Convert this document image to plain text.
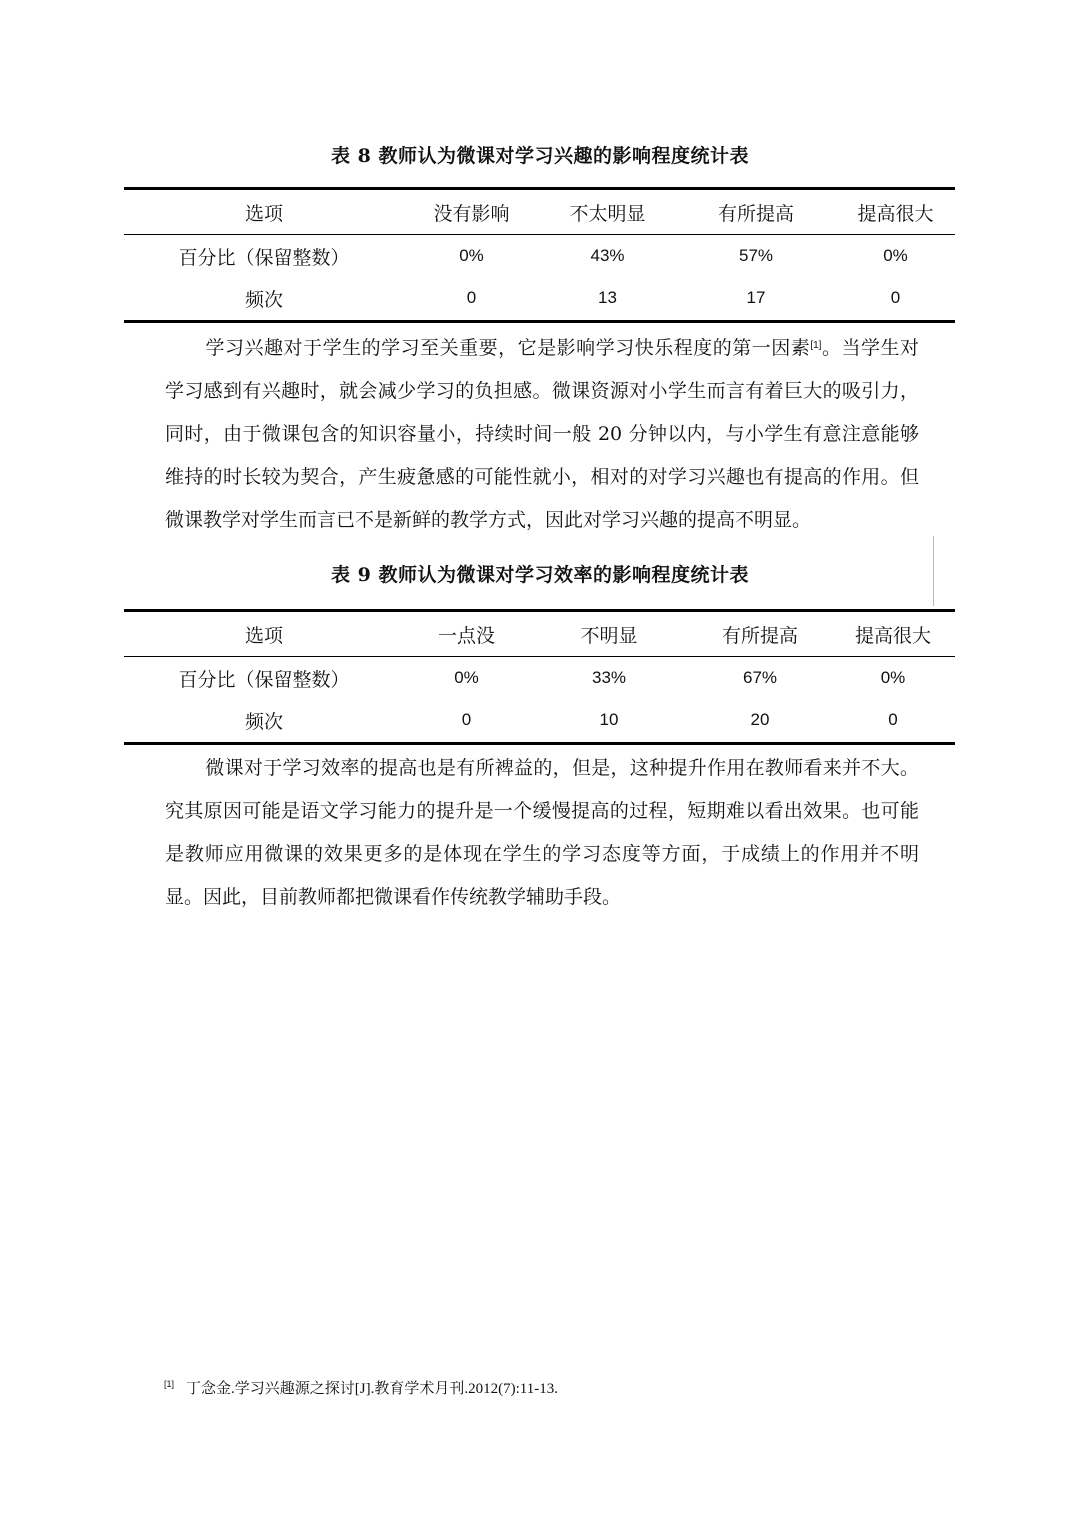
表 8 教师认为微课对学习兴趣的影响程度统计表
选项	没有影响	不太明显	有所提高	提高很大
百分比（保留整数）	0%	43%	57%	0%
频次	0	13	17	0

学习兴趣对于学生的学习至关重要，它是影响学习快乐程度的第一因素[1]。当学生对学习感到有兴趣时，就会减少学习的负担感。微课资源对小学生而言有着巨大的吸引力，同时，由于微课包含的知识容量小，持续时间一般 20 分钟以内，与小学生有意注意能够维持的时长较为契合，产生疲惫感的可能性就小，相对的对学习兴趣也有提高的作用。但微课教学对学生而言已不是新鲜的教学方式，因此对学习兴趣的提高不明显。

表 9 教师认为微课对学习效率的影响程度统计表
选项	一点没	不明显	有所提高	提高很大
百分比（保留整数）	0%	33%	67%	0%
频次	0	10	20	0

微课对于学习效率的提高也是有所裨益的，但是，这种提升作用在教师看来并不大。究其原因可能是语文学习能力的提升是一个缓慢提高的过程，短期难以看出效果。也可能是教师应用微课的效果更多的是体现在学生的学习态度等方面，于成绩上的作用并不明显。因此，目前教师都把微课看作传统教学辅助手段。

[1] 丁念金.学习兴趣源之探讨[J].教育学术月刊.2012(7):11-13.
